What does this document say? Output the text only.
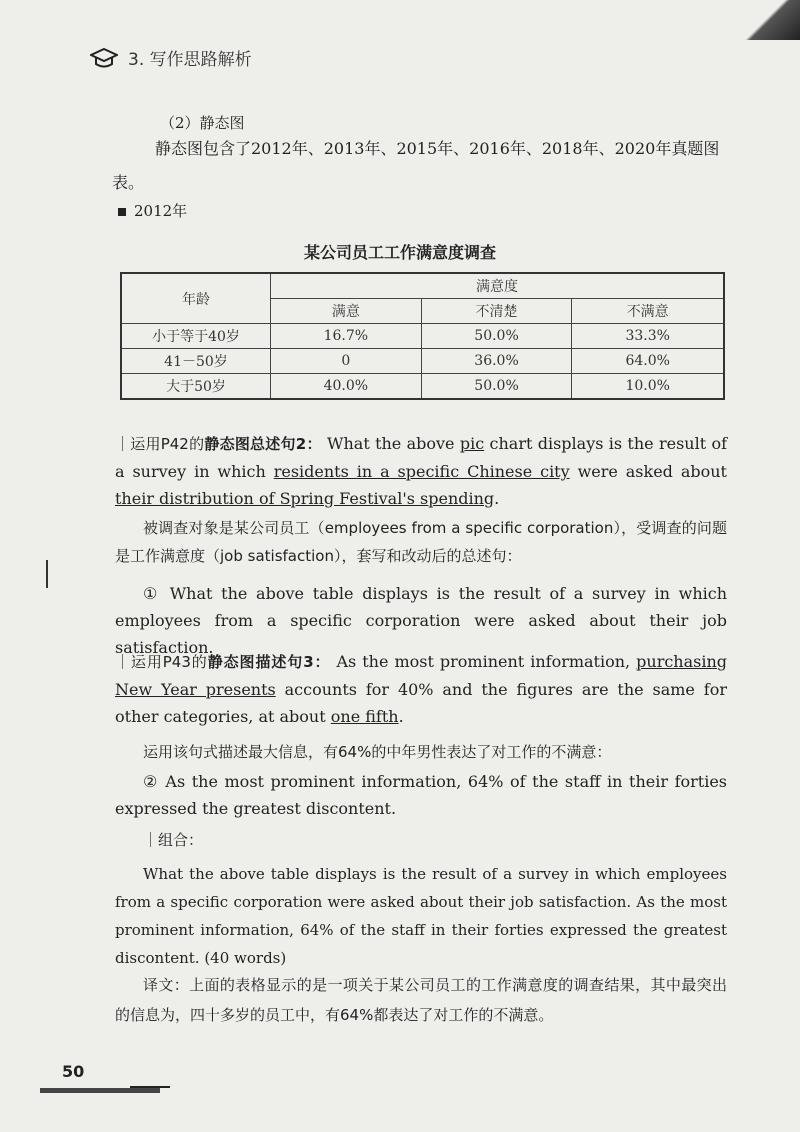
3. 写作思路解析
（2）静态图
静态图包含了2012年、2013年、2015年、2016年、2018年、2020年真题图
表。
2012年
某公司员工工作满意度调查
年龄	满意度		
	满意	不清楚	不满意
小于等于40岁	16.7%	50.0%	33.3%
41－50岁	0	36.0%	64.0%
大于50岁	40.0%	50.0%	10.0%
｜运用P42的静态图总述句2： What the above pic chart displays is the result of a survey in which residents in a specific Chinese city were asked about their distribution of Spring Festival's spending.
被调查对象是某公司员工（employees from a specific corporation），受调查的问题是工作满意度（job satisfaction），套写和改动后的总述句：
① What the above table displays is the result of a survey in which employees from a specific corporation were asked about their job satisfaction.
｜运用P43的静态图描述句3： As the most prominent information, purchasing New Year presents accounts for 40% and the figures are the same for other categories, at about one fifth.
运用该句式描述最大信息，有64%的中年男性表达了对工作的不满意：
② As the most prominent information, 64% of the staff in their forties expressed the greatest discontent.
｜组合：
What the above table displays is the result of a survey in which employees from a specific corporation were asked about their job satisfaction. As the most prominent information, 64% of the staff in their forties expressed the greatest discontent. (40 words)
译文：上面的表格显示的是一项关于某公司员工的工作满意度的调查结果，其中最突出的信息为，四十多岁的员工中，有64%都表达了对工作的不满意。
50
